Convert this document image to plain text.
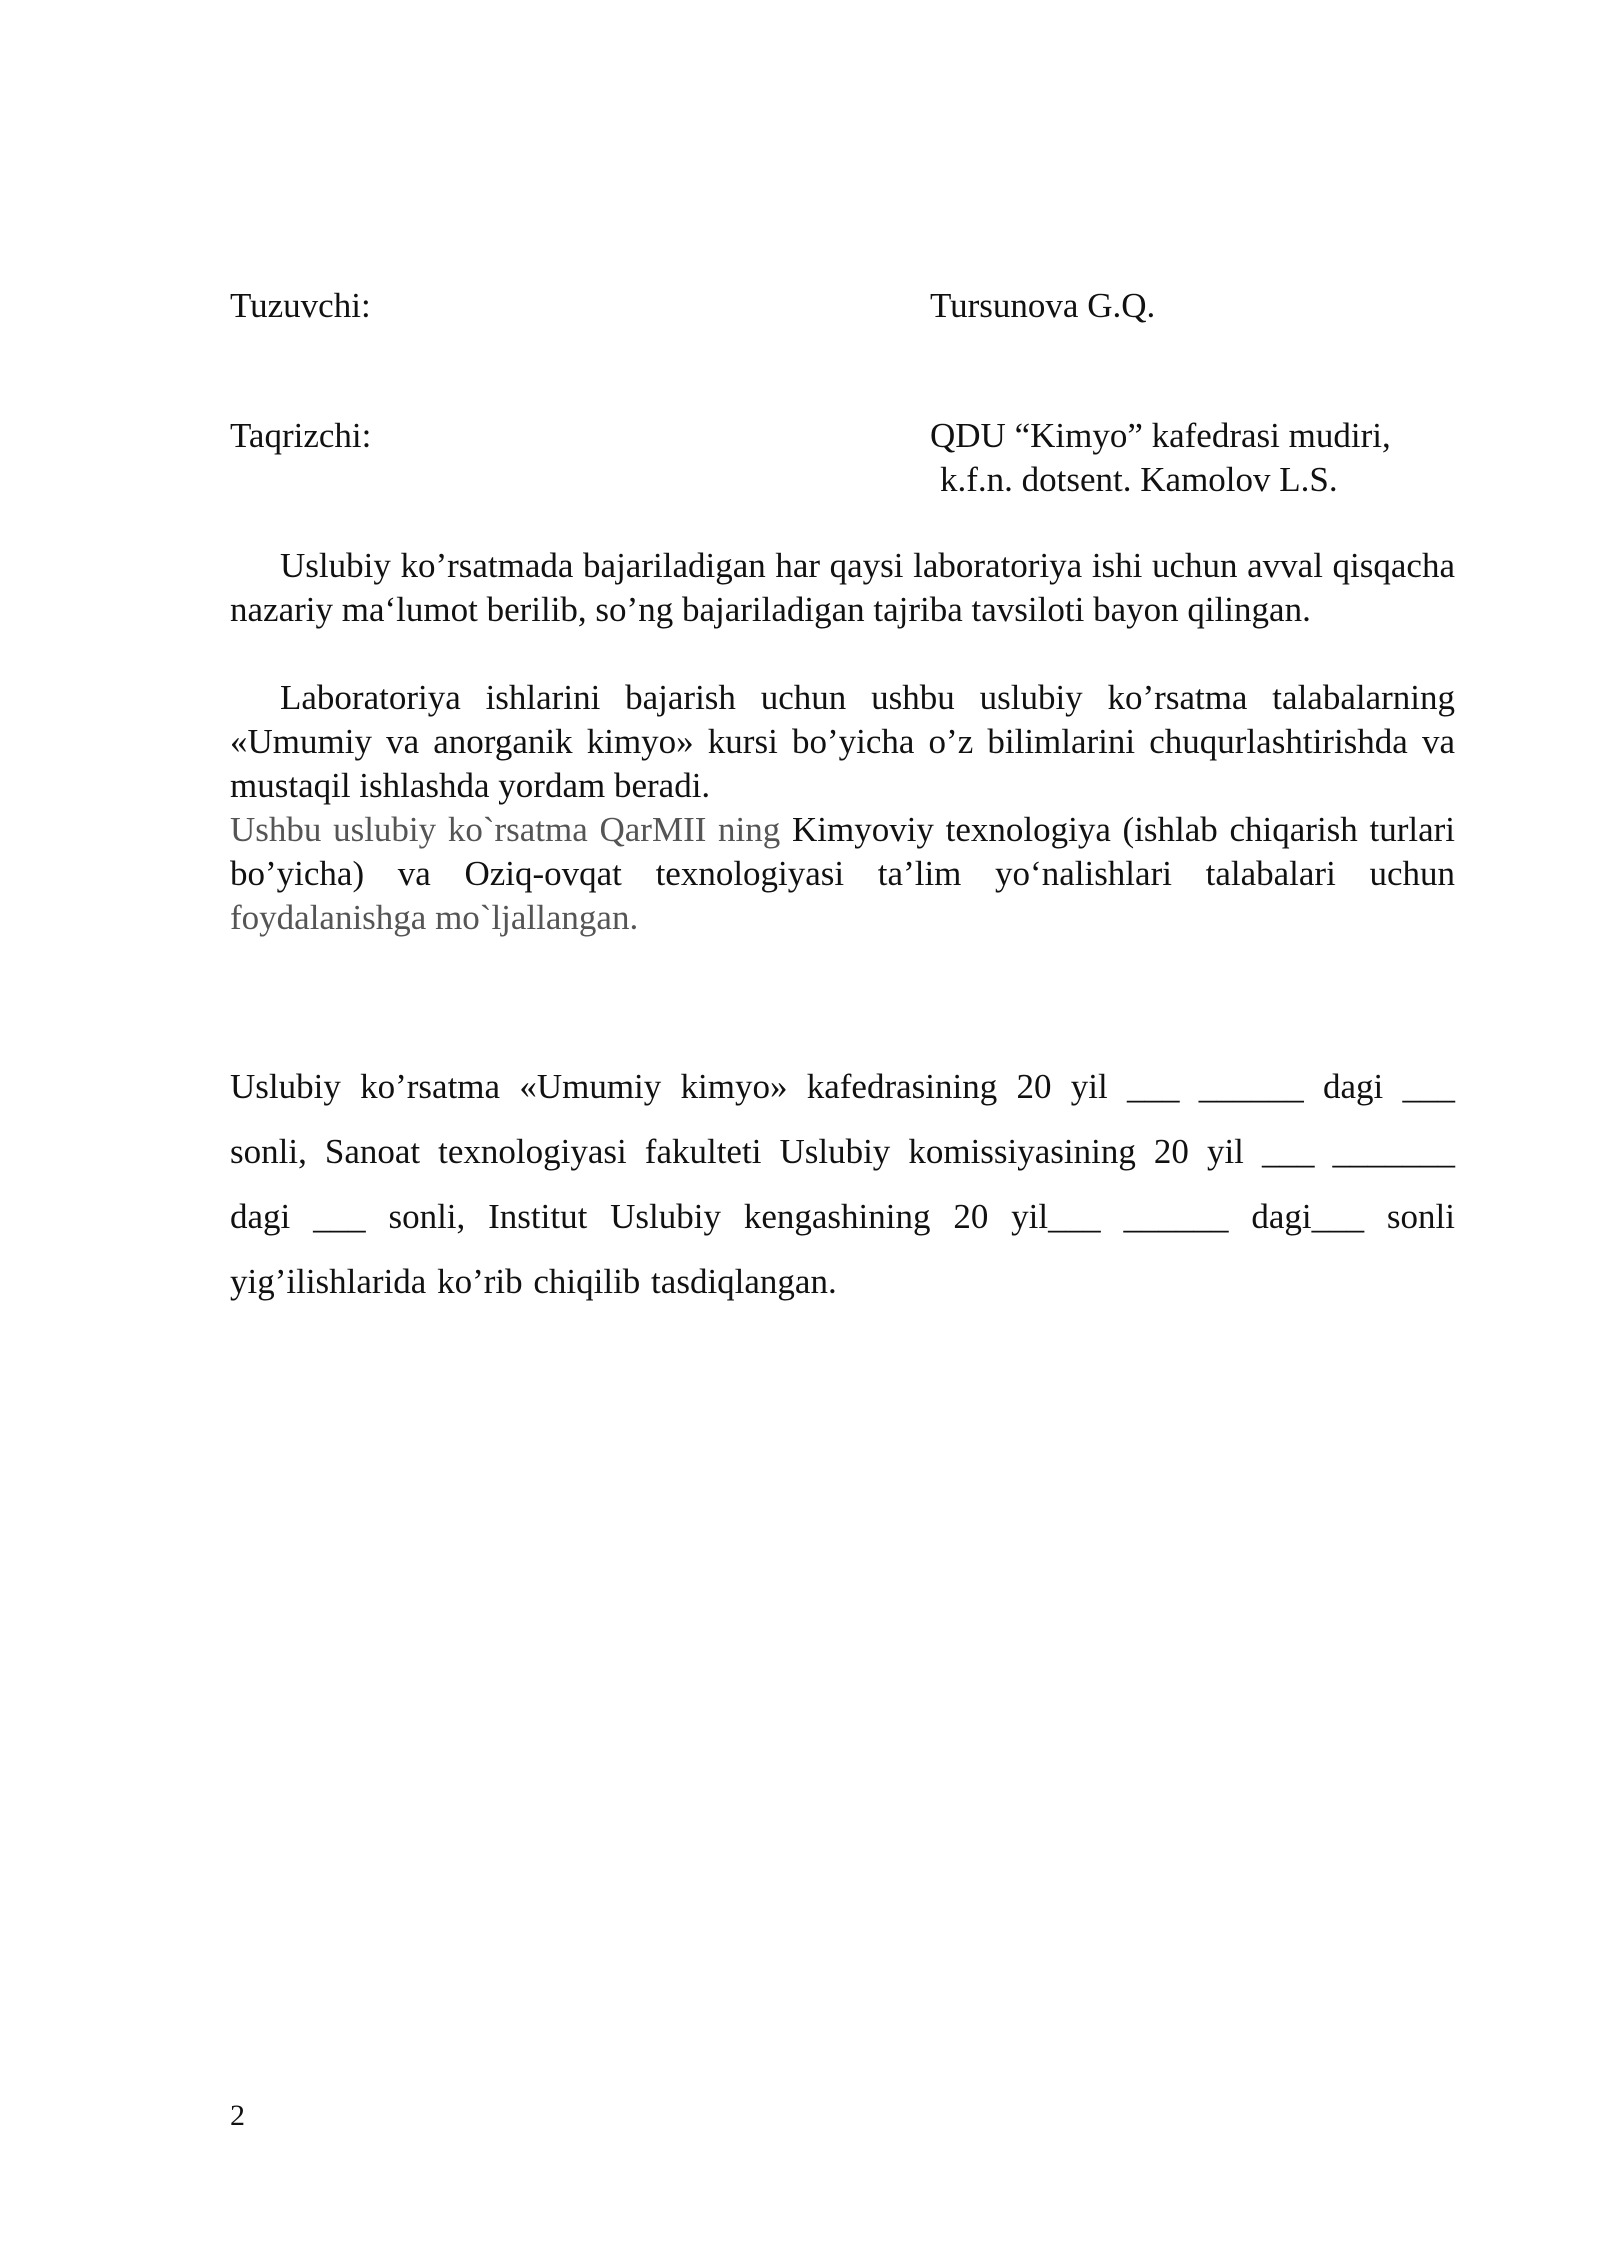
Tuzuvchi:	Tursunova G.Q.
Taqrizchi:	QDU “Kimyo” kafedrasi mudiri,
k.f.n. dotsent. Kamolov L.S.

Uslubiy ko’rsatmada bajariladigan har qaysi laboratoriya ishi uchun avval qisqacha nazariy ma‘lumot berilib, so’ng bajariladigan tajriba tavsiloti bayon qilingan.

Laboratoriya ishlarini bajarish uchun ushbu uslubiy ko’rsatma talabalarning «Umumiy va anorganik kimyo» kursi bo’yicha o’z bilimlarini chuqurlashtirishda va mustaqil ishlashda yordam beradi.

Ushbu uslubiy ko`rsatma QarMII ning Kimyoviy texnologiya (ishlab chiqarish turlari bo’yicha) va Oziq-ovqat texnologiyasi ta’lim yo‘nalishlari talabalari uchun foydalanishga mo`ljallangan.

Uslubiy ko’rsatma «Umumiy kimyo» kafedrasining 20 yil ___ ______ dagi ___ sonli, Sanoat texnologiyasi fakulteti Uslubiy komissiyasining 20 yil ___ _______ dagi ___ sonli, Institut Uslubiy kengashining 20 yil___ ______ dagi___ sonli yig’ilishlarida ko’rib chiqilib tasdiqlangan.

2
